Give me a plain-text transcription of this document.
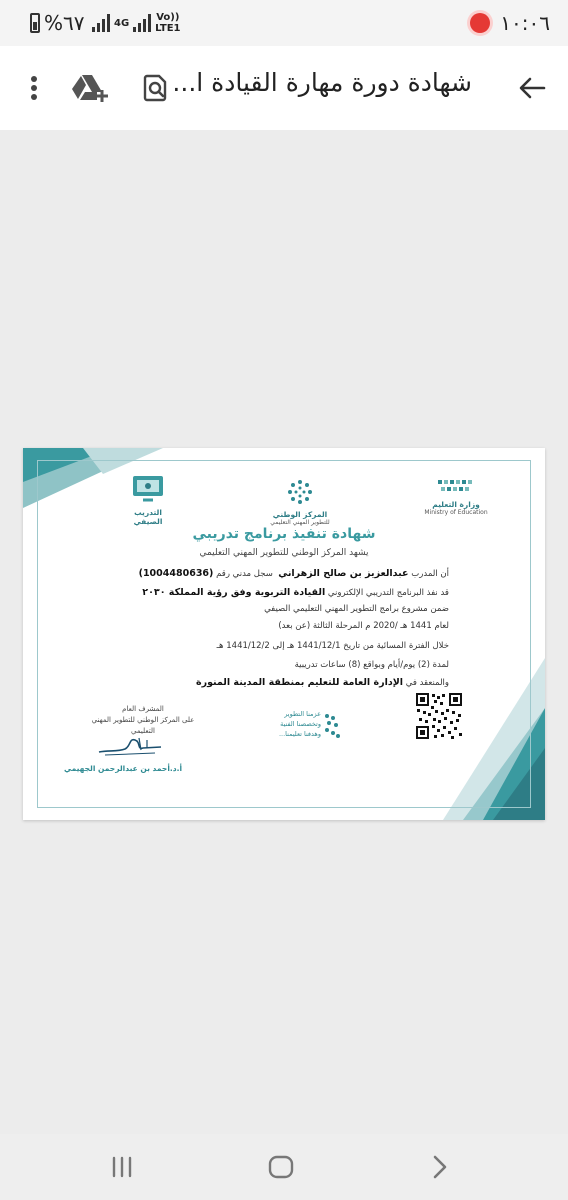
%٦٧	4G	Vo))
LTE1	١٠:٠٦
شهادة دورة مهارة القيادة ا...
وزارة التعليم
Ministry of Education
المركز الوطني
للتطوير المهني التعليمي
التدريب الصيفي
شهادة تنفيذ برنامج تدريبي
يشهد المركز الوطني للتطوير المهني التعليمي
أن المدرب عبدالعزيز بن صالح الزهراني  سجل مدني رقم (1004480636)
قد نفذ البرنامج التدريبي الإلكتروني القيادة التربوية وفق رؤية المملكة ٢٠٣٠
ضمن مشروع برامج التطوير المهني التعليمي الصيفي
لعام 1441 هـ /2020 م المرحلة الثالثة (عن بعد)
خلال الفترة المسائية من تاريخ 1441/12/1 هـ إلى 1441/12/2 هـ
لمدة (2) يوم/أيام وبواقع (8) ساعات تدريبية
والمنعقد في الإدارة العامة للتعليم بمنطقة المدينة المنورة
عزمنا التطوير
وتخصصنا الفنية
وهدفنا تعليمنا...
المشرف العام
على المركز الوطني للتطوير المهني التعليمي
أ.د.أحمد بن عبدالرحمن الجهيمي
